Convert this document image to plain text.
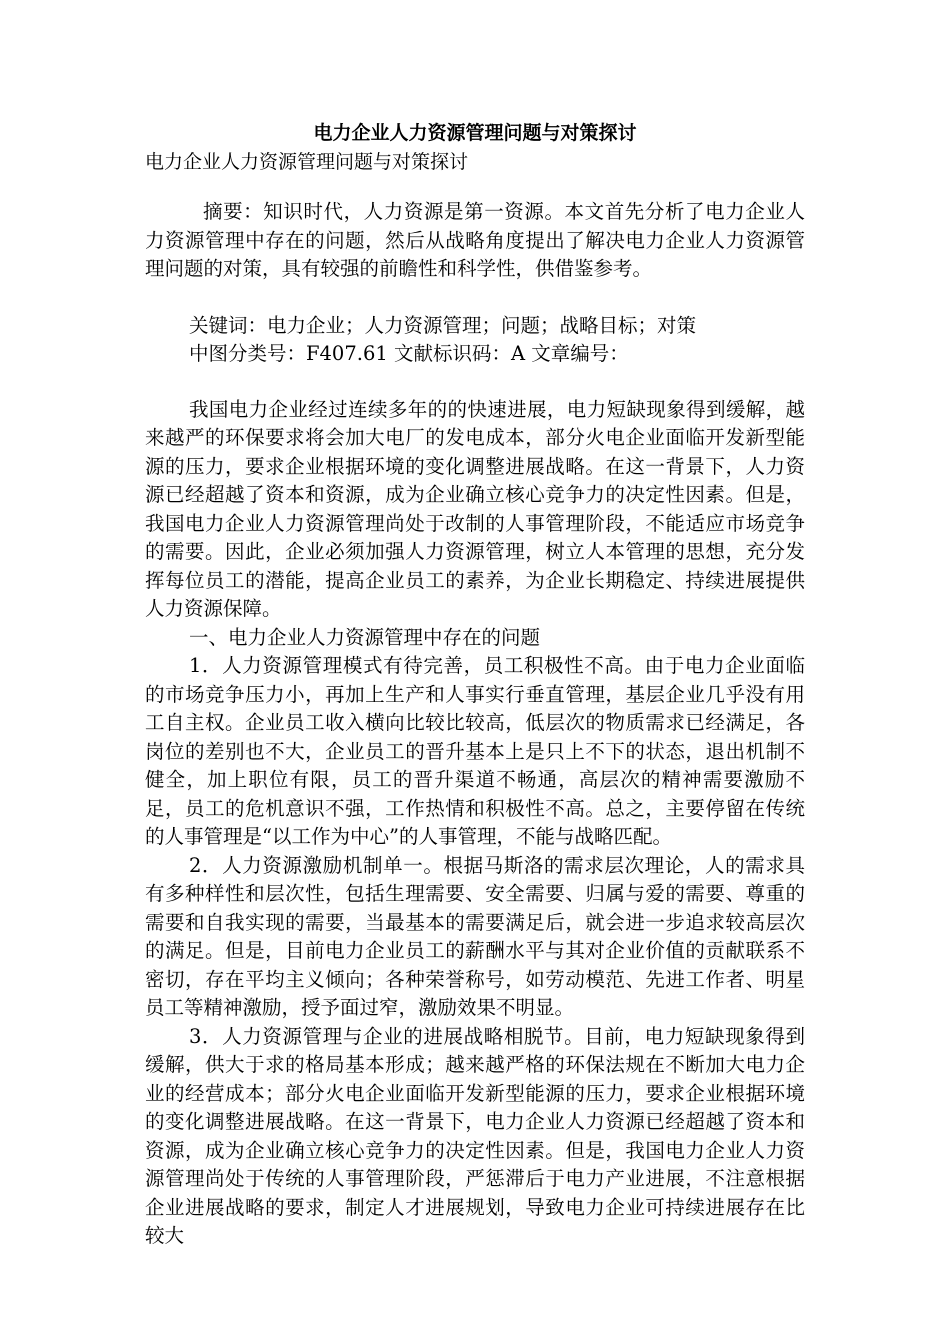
电力企业人力资源管理问题与对策探讨

电力企业人力资源管理问题与对策探讨

摘要：知识时代，人力资源是第一资源。本文首先分析了电力企业人力资源管理中存在的问题，然后从战略角度提出了解决电力企业人力资源管理问题的对策，具有较强的前瞻性和科学性，供借鉴参考。

关键词：电力企业；人力资源管理；问题；战略目标；对策

中图分类号：F407.61 文献标识码：A 文章编号：

我国电力企业经过连续多年的的快速进展，电力短缺现象得到缓解，越来越严的环保要求将会加大电厂的发电成本，部分火电企业面临开发新型能源的压力，要求企业根据环境的变化调整进展战略。在这一背景下，人力资源已经超越了资本和资源，成为企业确立核心竞争力的决定性因素。但是，我国电力企业人力资源管理尚处于改制的人事管理阶段，不能适应市场竞争的需要。因此，企业必须加强人力资源管理，树立人本管理的思想，充分发挥每位员工的潜能，提高企业员工的素养，为企业长期稳定、持续进展提供人力资源保障。

一、电力企业人力资源管理中存在的问题

1．人力资源管理模式有待完善，员工积极性不高。由于电力企业面临的市场竞争压力小，再加上生产和人事实行垂直管理，基层企业几乎没有用工自主权。企业员工收入横向比较比较高，低层次的物质需求已经满足，各岗位的差别也不大，企业员工的晋升基本上是只上不下的状态，退出机制不健全，加上职位有限，员工的晋升渠道不畅通，高层次的精神需要激励不足，员工的危机意识不强，工作热情和积极性不高。总之，主要停留在传统的人事管理是“以工作为中心”的人事管理，不能与战略匹配。

2．人力资源激励机制单一。根据马斯洛的需求层次理论，人的需求具有多种样性和层次性，包括生理需要、安全需要、归属与爱的需要、尊重的需要和自我实现的需要，当最基本的需要满足后，就会进一步追求较高层次的满足。但是，目前电力企业员工的薪酬水平与其对企业价值的贡献联系不密切，存在平均主义倾向；各种荣誉称号，如劳动模范、先进工作者、明星员工等精神激励，授予面过窄，激励效果不明显。

3．人力资源管理与企业的进展战略相脱节。目前，电力短缺现象得到缓解，供大于求的格局基本形成；越来越严格的环保法规在不断加大电力企业的经营成本；部分火电企业面临开发新型能源的压力，要求企业根据环境的变化调整进展战略。在这一背景下，电力企业人力资源已经超越了资本和资源，成为企业确立核心竞争力的决定性因素。但是，我国电力企业人力资源管理尚处于传统的人事管理阶段，严惩滞后于电力产业进展，不注意根据企业进展战略的要求，制定人才进展规划，导致电力企业可持续进展存在比较大
